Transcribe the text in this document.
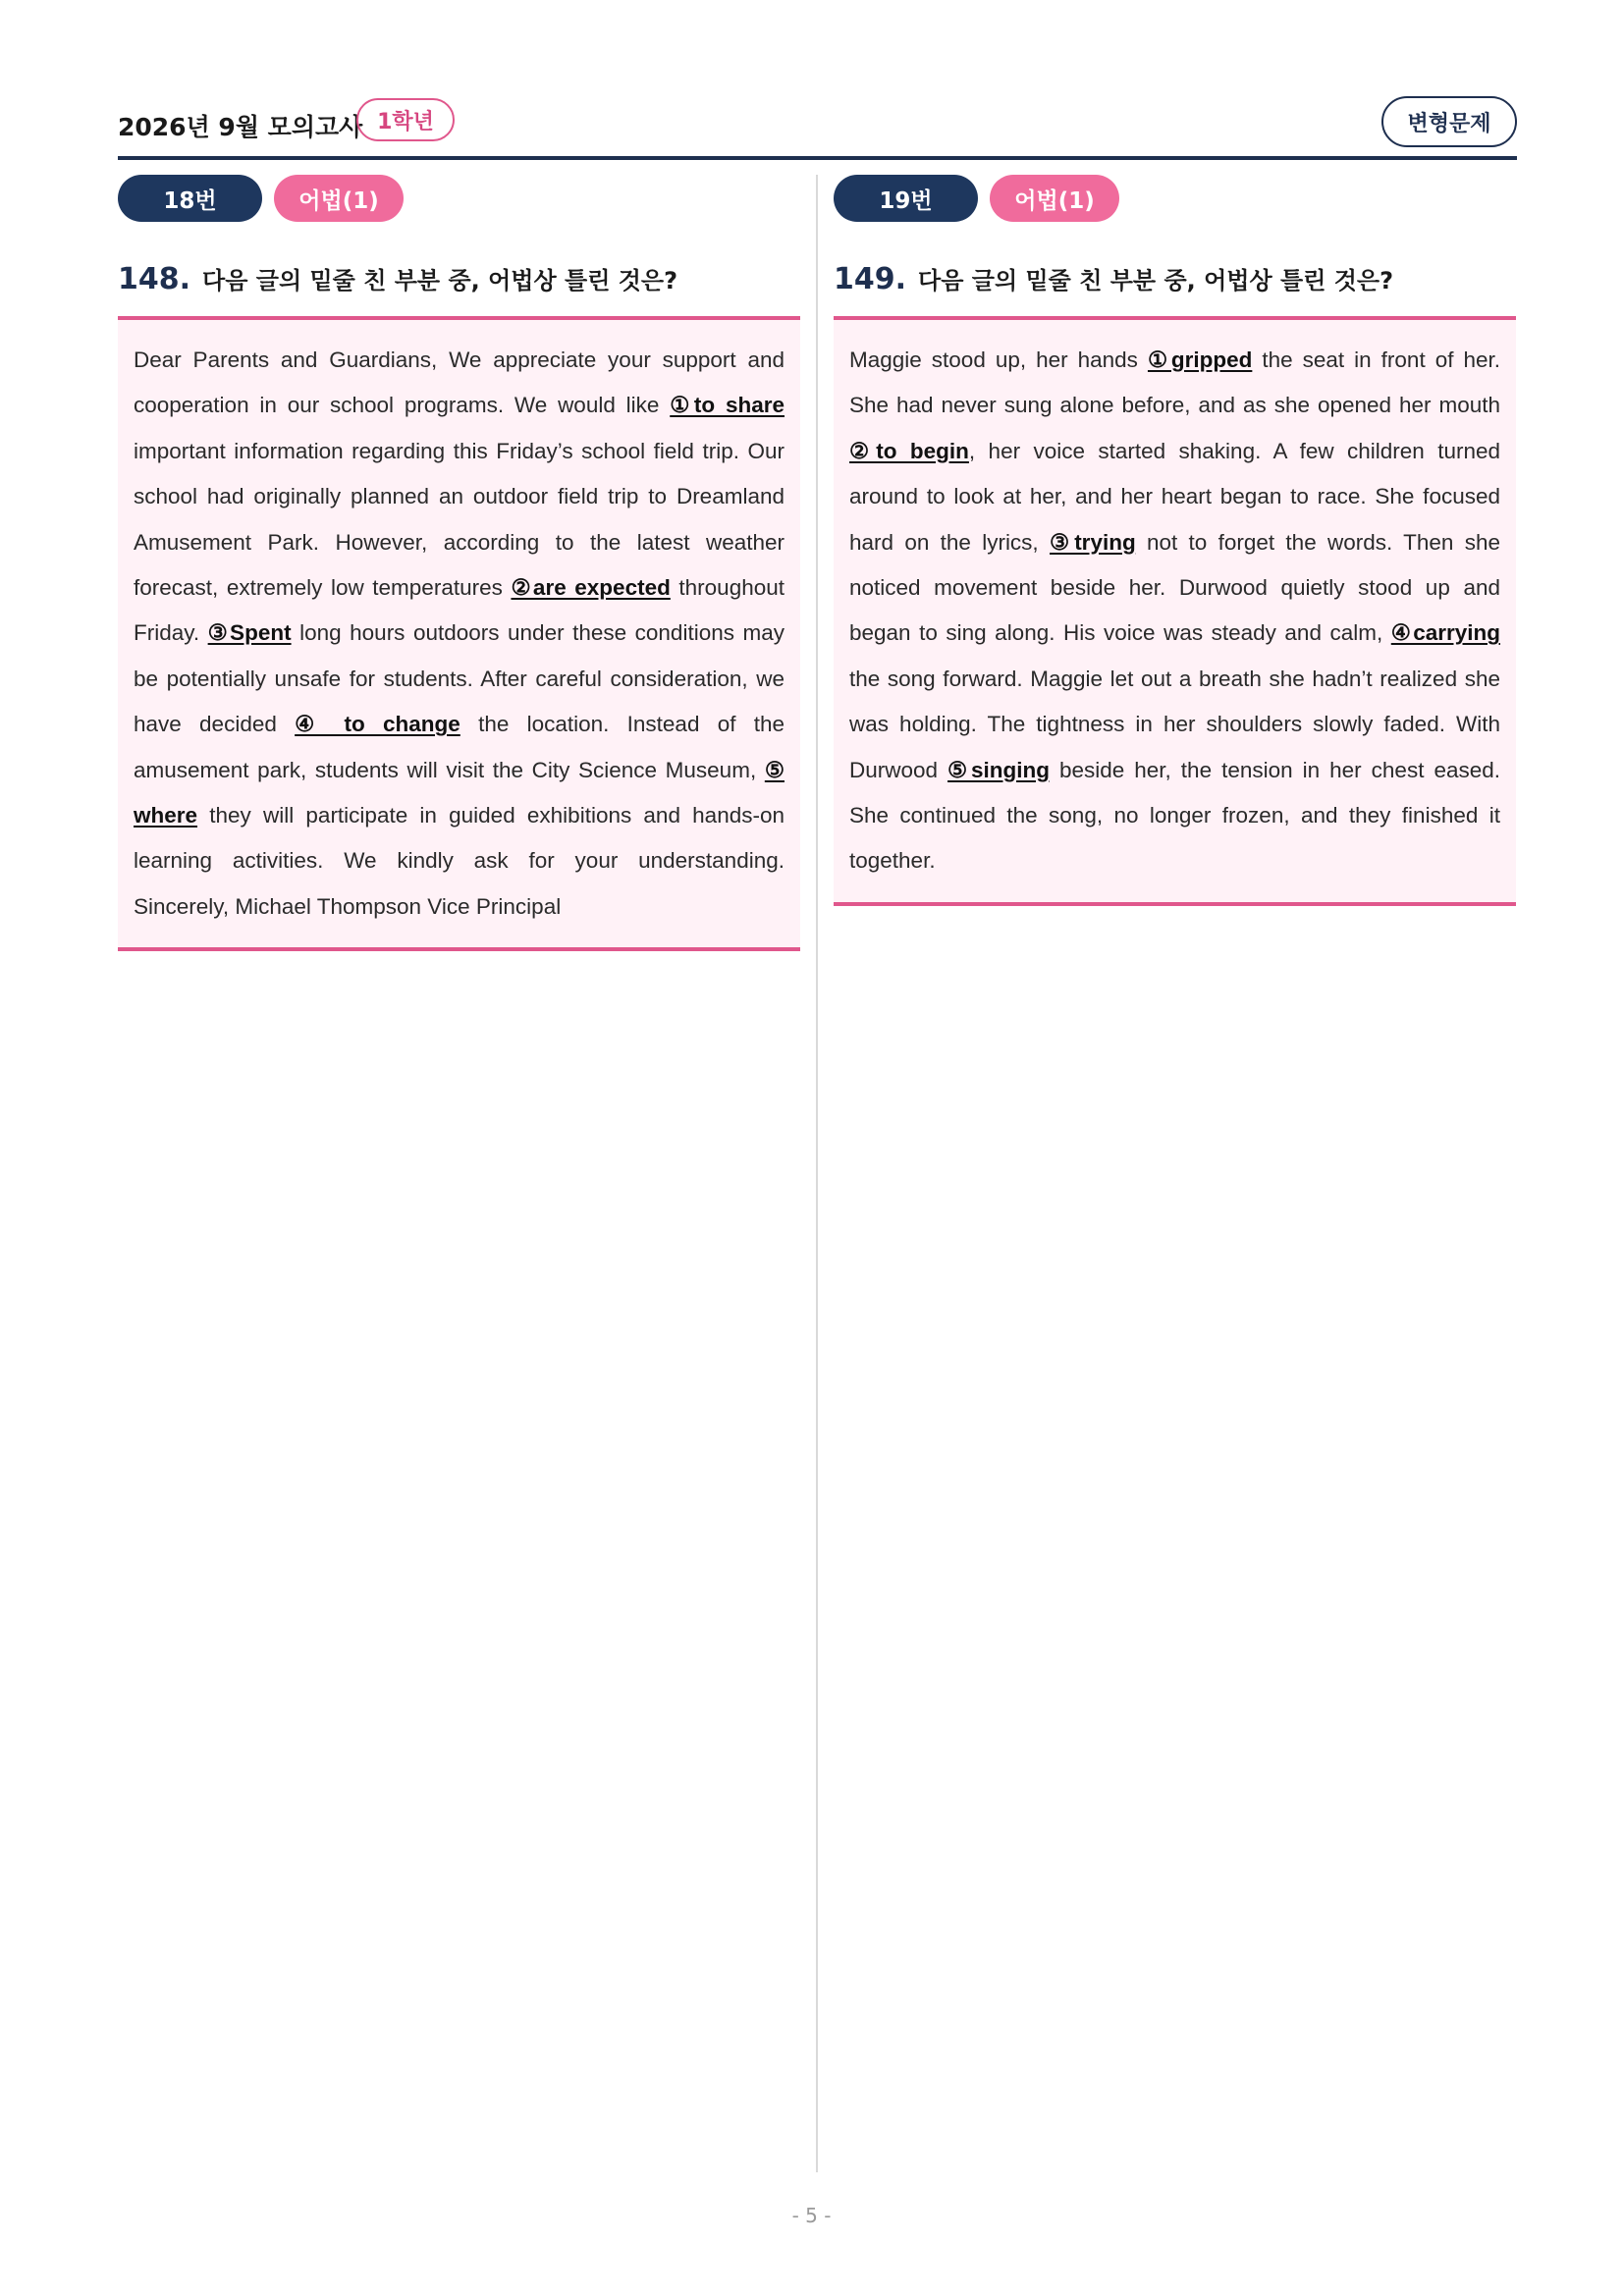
2026년 9월 모의고사 1학년	변형문제
18번	어법(1)
148. 다음 글의 밑줄 친 부분 중, 어법상 틀린 것은?
Dear Parents and Guardians, We appreciate your support and cooperation in our school programs. We would like ①to share important information regarding this Friday’s school field trip. Our school had originally planned an outdoor field trip to Dreamland Amusement Park. However, according to the latest weather forecast, extremely low temperatures ②are expected throughout Friday. ③Spent long hours outdoors under these conditions may be potentially unsafe for students. After careful consideration, we have decided ④ to change the location. Instead of the amusement park, students will visit the City Science Museum, ⑤ where they will participate in guided exhibitions and hands-on learning activities. We kindly ask for your understanding. Sincerely, Michael Thompson Vice Principal
19번	어법(1)
149. 다음 글의 밑줄 친 부분 중, 어법상 틀린 것은?
Maggie stood up, her hands ①gripped the seat in front of her. She had never sung alone before, and as she opened her mouth ②to begin, her voice started shaking. A few children turned around to look at her, and her heart began to race. She focused hard on the lyrics, ③trying not to forget the words. Then she noticed movement beside her. Durwood quietly stood up and began to sing along. His voice was steady and calm, ④carrying the song forward. Maggie let out a breath she hadn’t realized she was holding. The tightness in her shoulders slowly faded. With Durwood ⑤singing beside her, the tension in her chest eased. She continued the song, no longer frozen, and they finished it together.
- 5 -
